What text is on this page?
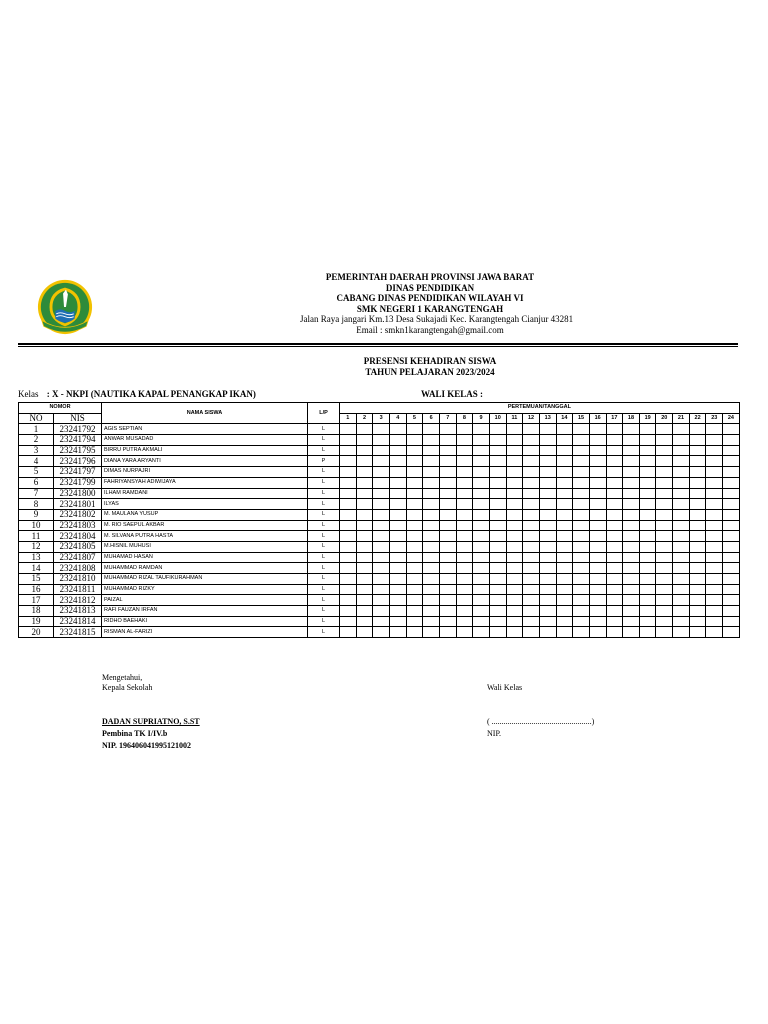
PEMERINTAH DAERAH PROVINSI JAWA BARAT
DINAS PENDIDIKAN
CABANG DINAS PENDIDIKAN WILAYAH VI
SMK NEGERI 1 KARANGTENGAH
Jalan Raya jangari Km.13 Desa Sukajadi Kec. Karangtengah Cianjur 43281
Email : smkn1karangtengah@gmail.com
PRESENSI KEHADIRAN SISWA
TAHUN PELAJARAN 2023/2024
Kelas : X - NKPI (NAUTIKA KAPAL PENANGKAP IKAN)	WALI KELAS :
NOMOR		NAMA SISWA	L/P	PERTEMUAN/TANGGAL																							
NO	NIS			1	2	3	4	5	6	7	8	9	10	11	12	13	14	15	16	17	18	19	20	21	22	23	24
1	23241792	AGIS SEPTIAN	L																								
2	23241794	ANWAR MUSADAD	L																								
3	23241795	BIRRU PUTRA AKMALI	L																								
4	23241796	DIANA YARA ARYANTI	P																								
5	23241797	DIMAS NURPAJRI	L																								
6	23241799	FAHRIYANSYAH ADIWIJAYA	L																								
7	23241800	ILHAM RAMDANI	L																								
8	23241801	ILYAS	L																								
9	23241802	M. MAULANA YUSUP	L																								
10	23241803	M. RIO SAEPUL AKBAR	L																								
11	23241804	M. SILVANA PUTRA HASTA	L																								
12	23241805	M.HISNIL MUHUSI	L																								
13	23241807	MUHAMAD HASAN	L																								
14	23241808	MUHAMMAD RAMDAN	L																								
15	23241810	MUHAMMAD RIZAL TAUFIKURAHMAN	L																								
16	23241811	MUHAMMAD RIZKY	L																								
17	23241812	PAIZAL	L																								
18	23241813	RAFI FAUZAN IRFAN	L																								
19	23241814	RIDHO BAEHAKI	L																								
20	23241815	RISMAN AL-FARIZI	L																								
Mengetahui,
Kepala Sekolah
DADAN SUPRIATNO, S.ST
Pembina TK I/IV.b
NIP. 196406041995121002
Wali Kelas
( ..................................................)
NIP.
